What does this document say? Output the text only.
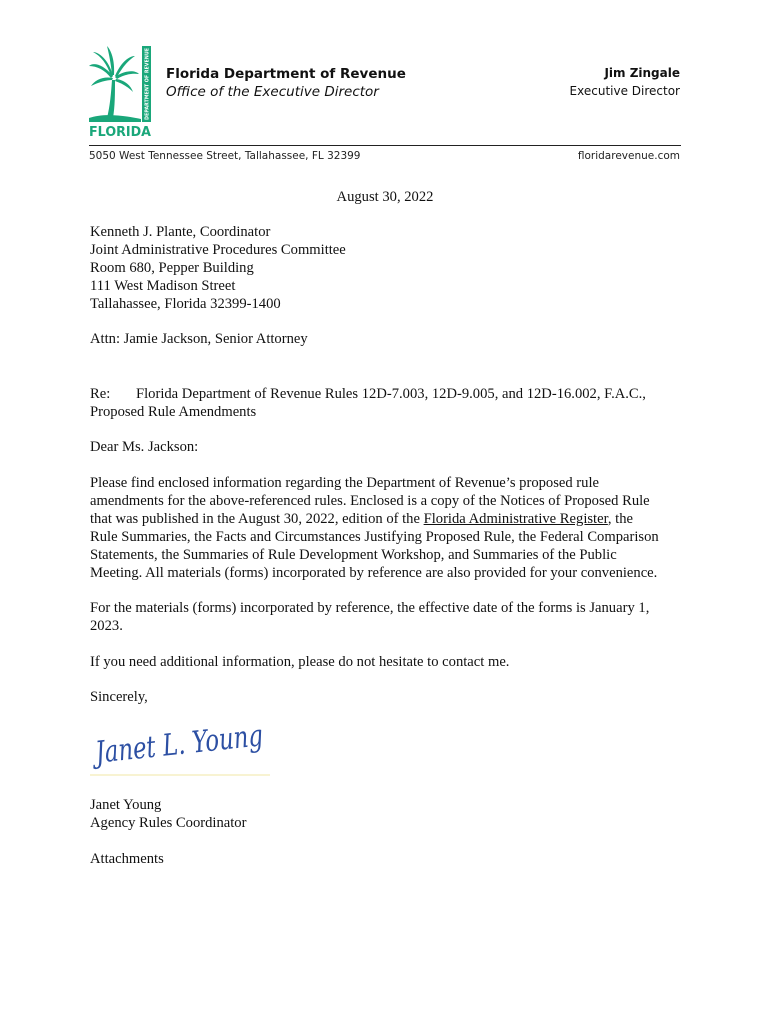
DEPARTMENT OF REVENUE
FLORIDA
Florida Department of Revenue
Office of the Executive Director
Jim Zingale
Executive Director
5050 West Tennessee Street, Tallahassee, FL 32399	floridarevenue.com
August 30, 2022
Kenneth J. Plante, Coordinator
Joint Administrative Procedures Committee
Room 680, Pepper Building
111 West Madison Street
Tallahassee, Florida 32399-1400
Attn: Jamie Jackson, Senior Attorney
Re: Florida Department of Revenue Rules 12D-7.003, 12D-9.005, and 12D-16.002, F.A.C.,
Proposed Rule Amendments
Dear Ms. Jackson:
Please find enclosed information regarding the Department of Revenue’s proposed rule
amendments for the above-referenced rules. Enclosed is a copy of the Notices of Proposed Rule
that was published in the August 30, 2022, edition of the Florida Administrative Register, the
Rule Summaries, the Facts and Circumstances Justifying Proposed Rule, the Federal Comparison
Statements, the Summaries of Rule Development Workshop, and Summaries of the Public
Meeting. All materials (forms) incorporated by reference are also provided for your convenience.
For the materials (forms) incorporated by reference, the effective date of the forms is January 1,
2023.
If you need additional information, please do not hesitate to contact me.
Sincerely,
Janet L. Young
Janet Young
Agency Rules Coordinator
Attachments
